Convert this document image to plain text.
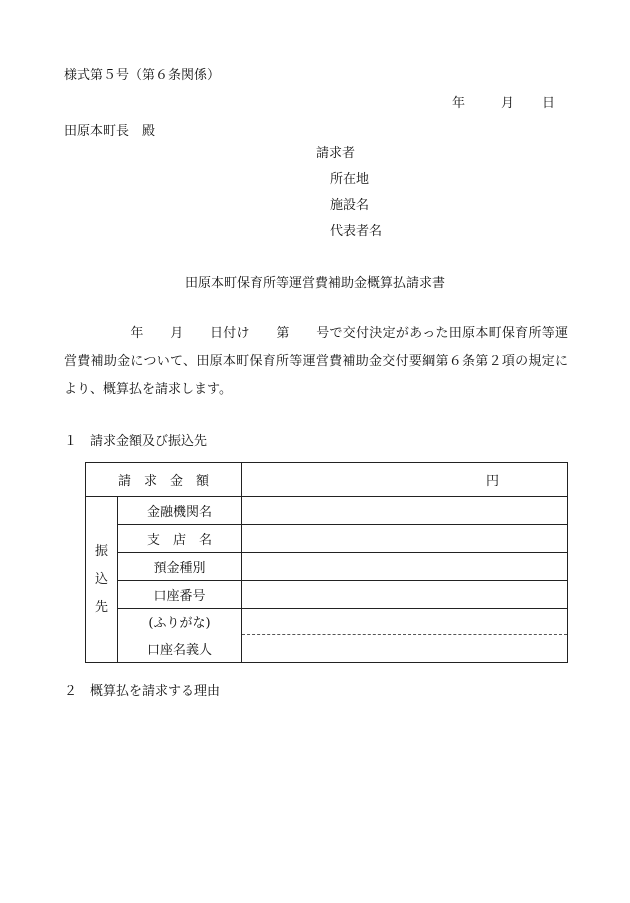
様式第５号（第６条関係）
年	月 日
田原本町長　殿
請求者
所在地
施設名
代表者名
田原本町保育所等運営費補助金概算払請求書
　　　　　年　　月　　日付け　　第　　号で交付決定があった田原本町保育所等運営費補助金について、田原本町保育所等運営費補助金交付要綱第６条第２項の規定により、概算払を請求します。
１　請求金額及び振込先
請　求　金　額		円
振
込
先	金融機関名	
	支　店　名	
	預金種別	
	口座番号	
	(ふりがな)	
	口座名義人	
２　概算払を請求する理由
